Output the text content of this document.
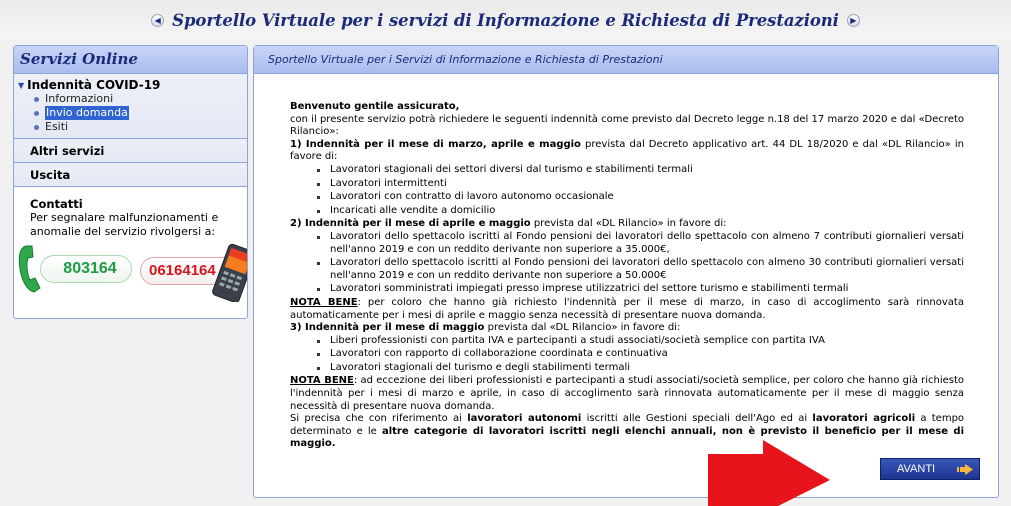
◀ Sportello Virtuale per i servizi di Informazione e Richiesta di Prestazioni	▶
Servizi Online
▼ Indennità COVID-19
Informazioni
Invio domanda
Esiti
Altri servizi
Uscita
Contatti
Per segnalare malfunzionamenti e anomalie del servizio rivolgersi a:
803164	06164164
Sportello Virtuale per i Servizi di Informazione e Richiesta di Prestazioni

Benvenuto gentile assicurato,

con il presente servizio potrà richiedere le seguenti indennità come previsto dal Decreto legge n.18 del 17 marzo 2020 e dal «Decreto Rilancio»:

1) Indennità per il mese di marzo, aprile e maggio prevista dal Decreto applicativo art. 44 DL 18/2020 e dal «DL Rilancio» in favore di:

Lavoratori stagionali dei settori diversi dal turismo e stabilimenti termali
Lavoratori intermittenti
Lavoratori con contratto di lavoro autonomo occasionale
Incaricati alle vendite a domicilio

2) Indennità per il mese di aprile e maggio prevista dal «DL Rilancio» in favore di:

Lavoratori dello spettacolo iscritti al Fondo pensioni dei lavoratori dello spettacolo con almeno 7 contributi giornalieri versati nell'anno 2019 e con un reddito derivante non superiore a 35.000€,
Lavoratori dello spettacolo iscritti al Fondo pensioni dei lavoratori dello spettacolo con almeno 30 contributi giornalieri versati nell'anno 2019 e con un reddito derivante non superiore a 50.000€
Lavoratori somministrati impiegati presso imprese utilizzatrici del settore turismo e stabilimenti termali

NOTA BENE: per coloro che hanno già richiesto l'indennità per il mese di marzo, in caso di accoglimento sarà rinnovata automaticamente per i mesi di aprile e maggio senza necessità di presentare nuova domanda.

3) Indennità per il mese di maggio prevista dal «DL Rilancio» in favore di:

Liberi professionisti con partita IVA e partecipanti a studi associati/società semplice con partita IVA
Lavoratori con rapporto di collaborazione coordinata e continuativa
Lavoratori stagionali del turismo e degli stabilimenti termali

NOTA BENE: ad eccezione dei liberi professionisti e partecipanti a studi associati/società semplice, per coloro che hanno già richiesto l'indennità per i mesi di marzo e aprile, in caso di accoglimento sarà rinnovata automaticamente per il mese di maggio senza necessità di presentare nuova domanda.

Si precisa che con riferimento ai lavoratori autonomi iscritti alle Gestioni speciali dell'Ago ed ai lavoratori agricoli a tempo determinato e le altre categorie di lavoratori iscritti negli elenchi annuali, non è previsto il beneficio per il mese di maggio.

AVANTI
